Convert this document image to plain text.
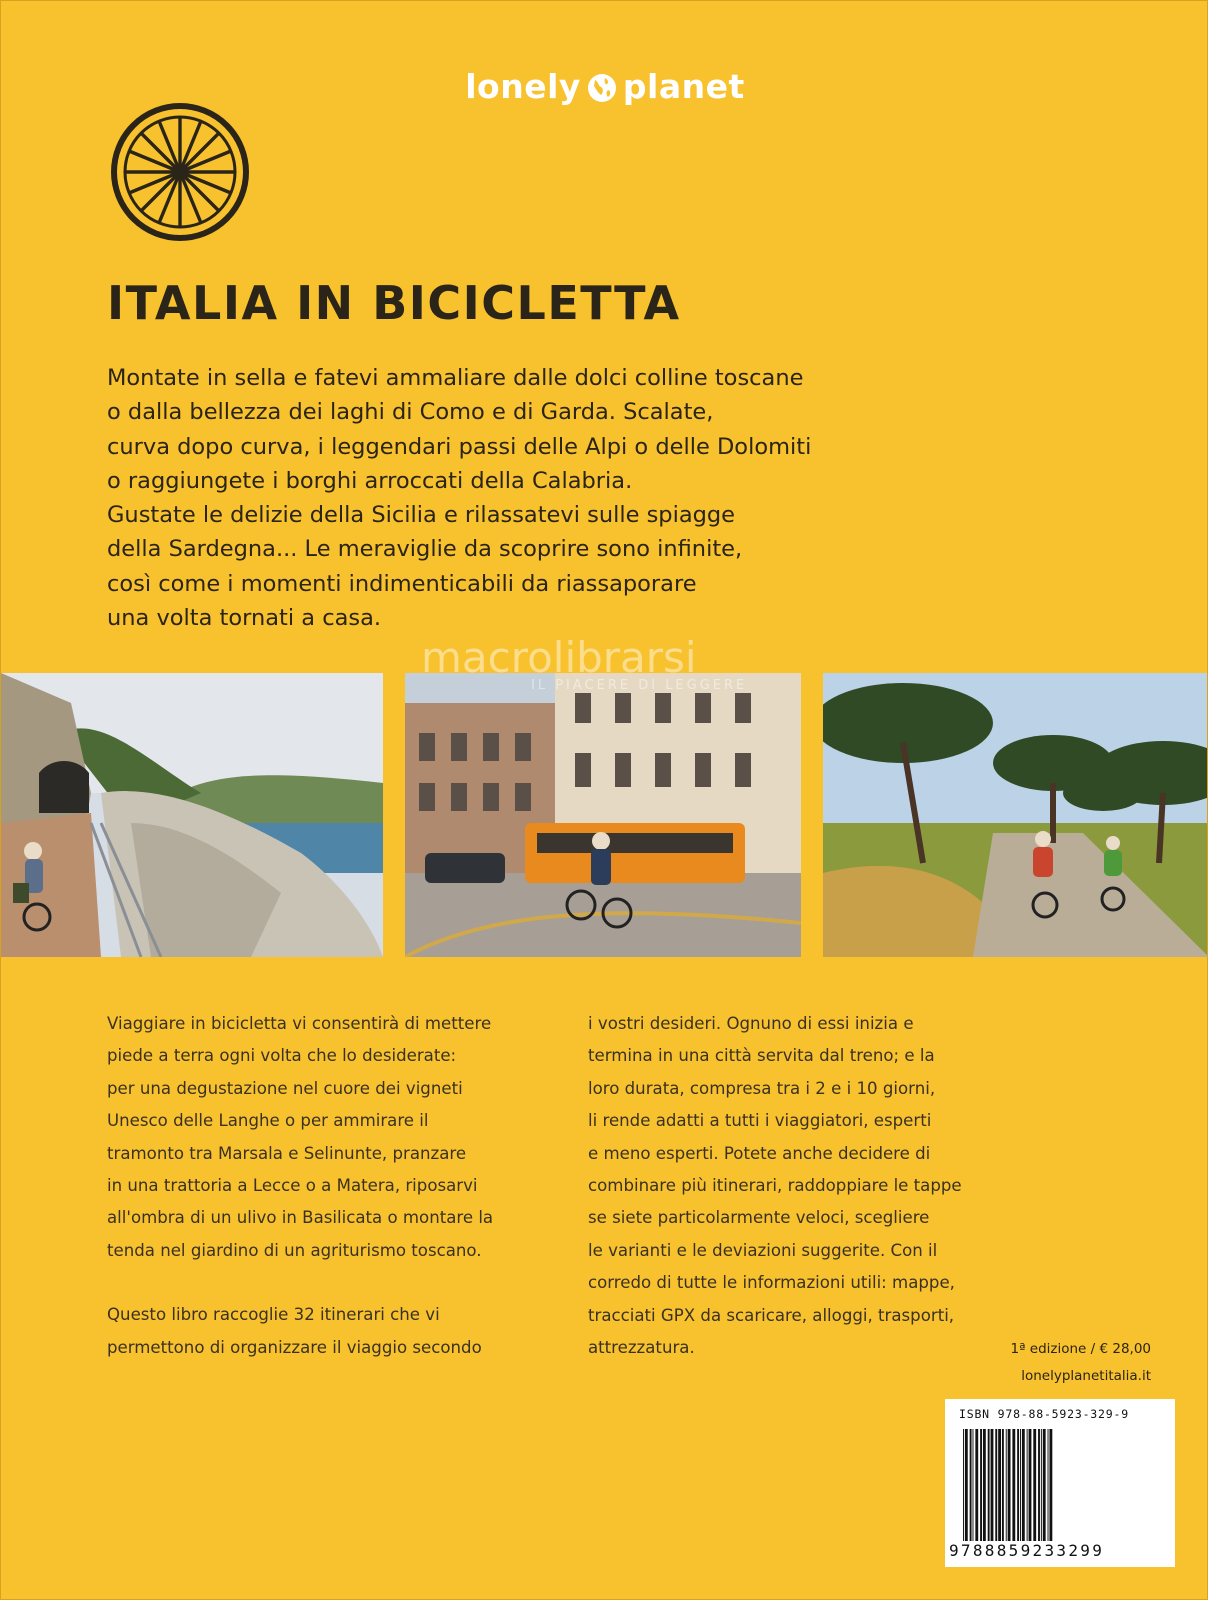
lonely planet
ITALIA IN BICICLETTA

Montate in sella e fatevi ammaliare dalle dolci colline toscane
o dalla bellezza dei laghi di Como e di Garda. Scalate,
curva dopo curva, i leggendari passi delle Alpi o delle Dolomiti
o raggiungete i borghi arroccati della Calabria.
Gustate le delizie della Sicilia e rilassatevi sulle spiagge
della Sardegna... Le meraviglie da scoprire sono infinite,
così come i momenti indimenticabili da riassaporare
una volta tornati a casa.

macrolibrarsi
IL PIACERE DI LEGGERE
Viaggiare in bicicletta vi consentirà di mettere
piede a terra ogni volta che lo desiderate:
per una degustazione nel cuore dei vigneti
Unesco delle Langhe o per ammirare il
tramonto tra Marsala e Selinunte, pranzare
in una trattoria a Lecce o a Matera, riposarvi
all'ombra di un ulivo in Basilicata o montare la
tenda nel giardino di un agriturismo toscano.
Questo libro raccoglie 32 itinerari che vi
permettono di organizzare il viaggio secondo
i vostri desideri. Ognuno di essi inizia e
termina in una città servita dal treno; e la
loro durata, compresa tra i 2 e i 10 giorni,
li rende adatti a tutti i viaggiatori, esperti
e meno esperti. Potete anche decidere di
combinare più itinerari, raddoppiare le tappe
se siete particolarmente veloci, scegliere
le varianti e le deviazioni suggerite. Con il
corredo di tutte le informazioni utili: mappe,
tracciati GPX da scaricare, alloggi, trasporti,
attrezzatura.	1ª edizione / € 28,00
lonelyplanetitalia.it
ISBN 978-88-5923-329-9
9788859233299
